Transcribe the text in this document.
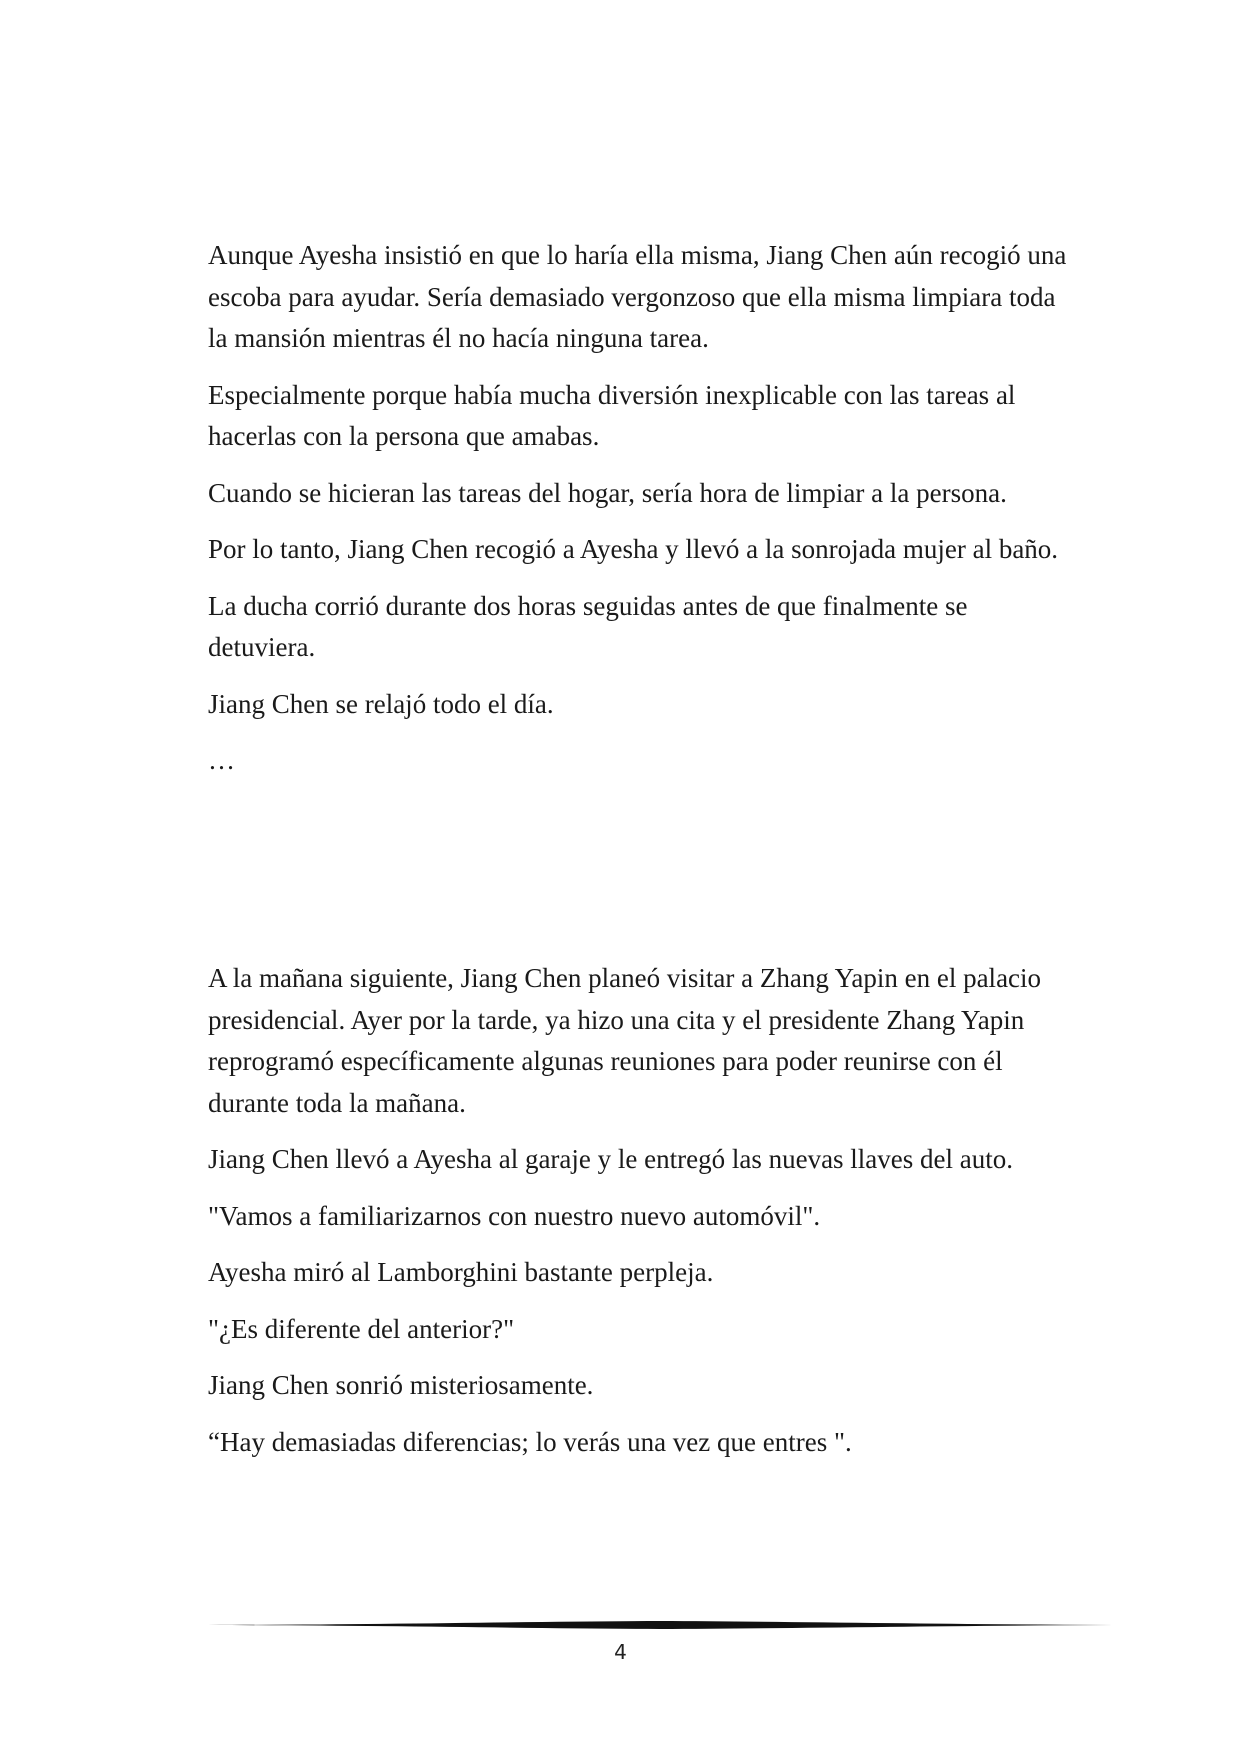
Aunque Ayesha insistió en que lo haría ella misma, Jiang Chen aún recogió una escoba para ayudar. Sería demasiado vergonzoso que ella misma limpiara toda la mansión mientras él no hacía ninguna tarea.

Especialmente porque había mucha diversión inexplicable con las tareas al hacerlas con la persona que amabas.

Cuando se hicieran las tareas del hogar, sería hora de limpiar a la persona.

Por lo tanto, Jiang Chen recogió a Ayesha y llevó a la sonrojada mujer al baño.

La ducha corrió durante dos horas seguidas antes de que finalmente se detuviera.

Jiang Chen se relajó todo el día.

…

A la mañana siguiente, Jiang Chen planeó visitar a Zhang Yapin en el palacio presidencial. Ayer por la tarde, ya hizo una cita y el presidente Zhang Yapin reprogramó específicamente algunas reuniones para poder reunirse con él durante toda la mañana.

Jiang Chen llevó a Ayesha al garaje y le entregó las nuevas llaves del auto.

"Vamos a familiarizarnos con nuestro nuevo automóvil".

Ayesha miró al Lamborghini bastante perpleja.

"¿Es diferente del anterior?"

Jiang Chen sonrió misteriosamente.

“Hay demasiadas diferencias; lo verás una vez que entres ".

4
